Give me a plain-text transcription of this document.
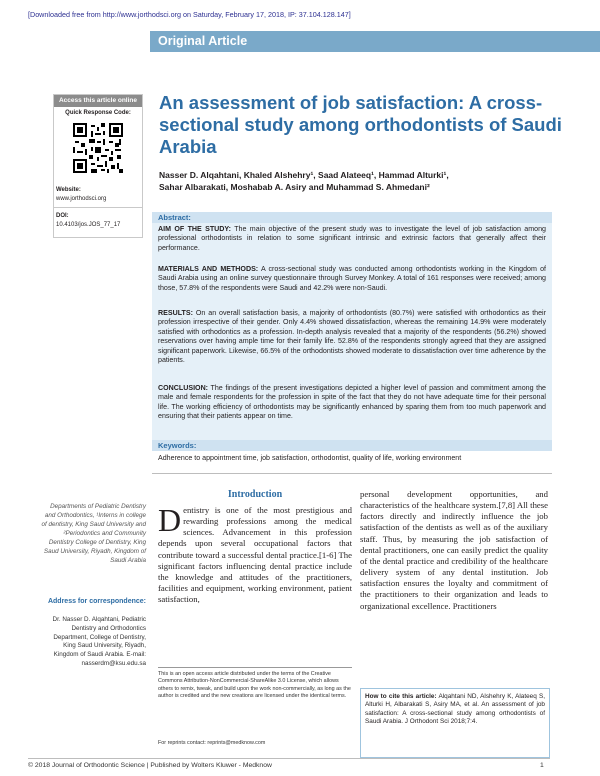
[Downloaded free from http://www.jorthodsci.org on Saturday, February 17, 2018, IP: 37.104.128.147]
Original Article
Access this article online
Quick Response Code:
Website:
www.jorthodsci.org
DOI:
10.4103/jos.JOS_77_17
An assessment of job satisfaction: A cross-sectional study among orthodontists of Saudi Arabia
Nasser D. Alqahtani, Khaled Alshehry¹, Saad Alateeq¹, Hammad Alturki¹,
Sahar Albarakati, Moshabab A. Asiry and Muhammad S. Ahmedani²
Abstract:
AIM OF THE STUDY: The main objective of the present study was to investigate the level of job satisfaction among professional orthodontists in relation to some significant intrinsic and extrinsic factors that generally affect their performance.
MATERIALS AND METHODS: A cross-sectional study was conducted among orthodontists working in the Kingdom of Saudi Arabia using an online survey questionnaire through Survey Monkey. A total of 161 responses were received; among those, 57.8% of the respondents were Saudi and 42.2% were non-Saudi.
RESULTS: On an overall satisfaction basis, a majority of orthodontists (80.7%) were satisfied with orthodontics as their profession irrespective of their gender. Only 4.4% showed dissatisfaction, whereas the remaining 14.9% were moderately satisfied with orthodontics as a profession. In-depth analysis revealed that a majority of the respondents (56.2%) showed reservations over having ample time for their family life. 52.8% of the respondents strongly agreed that they are assigned significant paperwork. Likewise, 66.5% of the orthodontists showed moderate to dissatisfaction over time adherence by the patients.
CONCLUSION: The findings of the present investigations depicted a higher level of passion and commitment among the male and female respondents for the profession in spite of the fact that they do not have adequate time for their personal life. The working efficiency of orthodontists may be significantly enhanced by sparing them from too much paperwork and ensuring that their patients appear on time.
Keywords:
Adherence to appointment time, job satisfaction, orthodontist, quality of life, working environment
Departments of Pediatric Dentistry and Orthodontics, ¹Interns in college of dentistry, King Saud University and ²Periodontics and Community Dentistry College of Dentistry, King Saud University, Riyadh, Kingdom of Saudi Arabia
Address for correspondence:
Dr. Nasser D. Alqahtani, Pediatric Dentistry and Orthodontics Department, College of Dentistry, King Saud University, Riyadh, Kingdom of Saudi Arabia. E-mail: nasserdm@ksu.edu.sa
Introduction
Dentistry is one of the most prestigious and rewarding professions among the medical sciences. Advancement in this profession depends upon several occupational factors that contribute toward a successful dental practice.[1-6] The significant factors influencing dental practice include the knowledge and attitudes of the practitioners, facilities and equipment, working environment, patient satisfaction,
personal development opportunities, and characteristics of the healthcare system.[7,8] All these factors directly and indirectly influence the job satisfaction of the dentists as well as of the auxiliary staff. Thus, by measuring the job satisfaction of dental practitioners, one can easily predict the quality of the dental practice and credibility of the healthcare delivery system of any dental institution. Job satisfaction ensures the loyalty and commitment of the practitioners to their organization and leads to organizational excellence. Practitioners
This is an open access article distributed under the terms of the Creative Commons Attribution-NonCommercial-ShareAlike 3.0 License, which allows others to remix, tweak, and build upon the work non-commercially, as long as the author is credited and the new creations are licensed under the identical terms.
For reprints contact: reprints@medknow.com
How to cite this article: Alqahtani ND, Alshehry K, Alateeq S, Alturki H, Albarakati S, Asiry MA, et al. An assessment of job satisfaction: A cross-sectional study among orthodontists of Saudi Arabia. J Orthodont Sci 2018;7:4.
© 2018 Journal of Orthodontic Science | Published by Wolters Kluwer - Medknow	1
